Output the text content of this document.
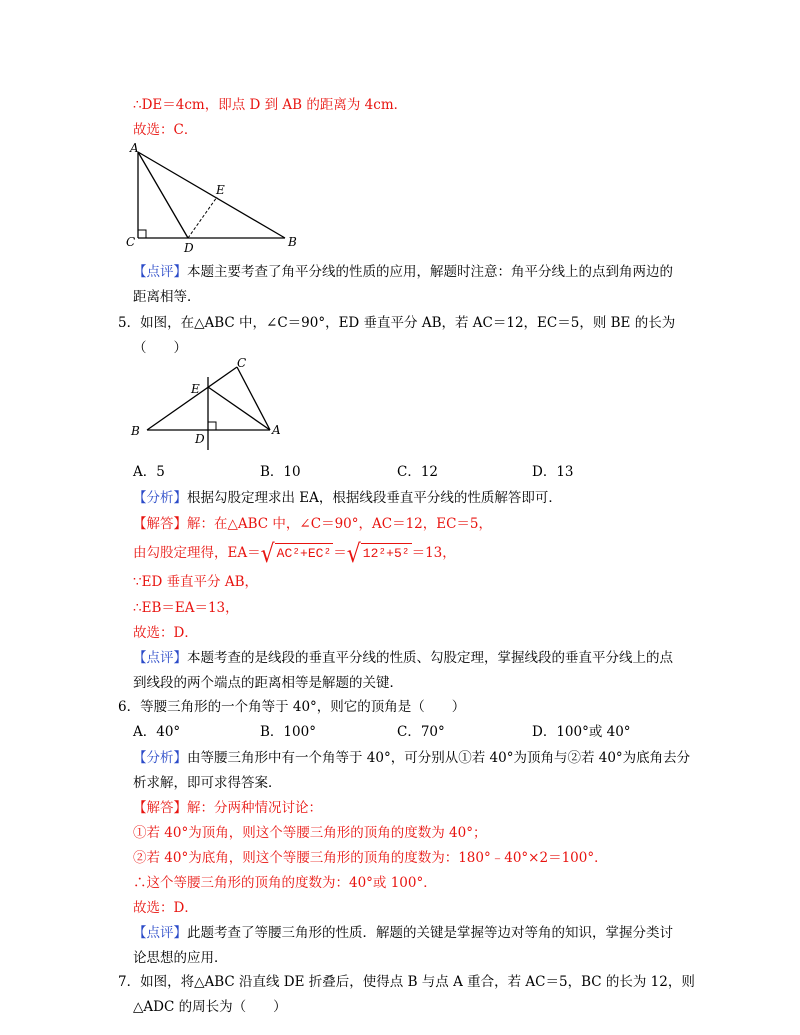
∴DE＝4cm，即点 D 到 AB 的距离为 4cm．
故选：C．
A
E
C	D	B
【点评】本题主要考查了角平分线的性质的应用，解题时注意：角平分线上的点到角两边的
距离相等．
5．如图，在△ABC 中，∠C＝90°，ED 垂直平分 AB，若 AC＝12，EC＝5，则 BE 的长为
（　　）
B
C
E
D
A
A．5	B．10	C．12	D．13
【分析】根据勾股定理求出 EA，根据线段垂直平分线的性质解答即可．
【解答】解：在△ABC 中，∠C＝90°，AC＝12，EC＝5，
由勾股定理得，EA＝√ AC²+EC² ＝√ 12²+5² ＝13，
∵ED 垂直平分 AB，
∴EB＝EA＝13，
故选：D．
【点评】本题考查的是线段的垂直平分线的性质、勾股定理，掌握线段的垂直平分线上的点
到线段的两个端点的距离相等是解题的关键．
6．等腰三角形的一个角等于 40°，则它的顶角是（　　）
A．40°	B．100°	C．70°	D．100°或 40°
【分析】由等腰三角形中有一个角等于 40°，可分别从①若 40°为顶角与②若 40°为底角去分
析求解，即可求得答案．
【解答】解：分两种情况讨论：
①若 40°为顶角，则这个等腰三角形的顶角的度数为 40°；
②若 40°为底角，则这个等腰三角形的顶角的度数为：180°﹣40°×2＝100°．
∴这个等腰三角形的顶角的度数为：40°或 100°．
故选：D．
【点评】此题考查了等腰三角形的性质．解题的关键是掌握等边对等角的知识，掌握分类讨
论思想的应用．
7．如图，将△ABC 沿直线 DE 折叠后，使得点 B 与点 A 重合，若 AC＝5，BC 的长为 12，则
△ADC 的周长为（　　）
